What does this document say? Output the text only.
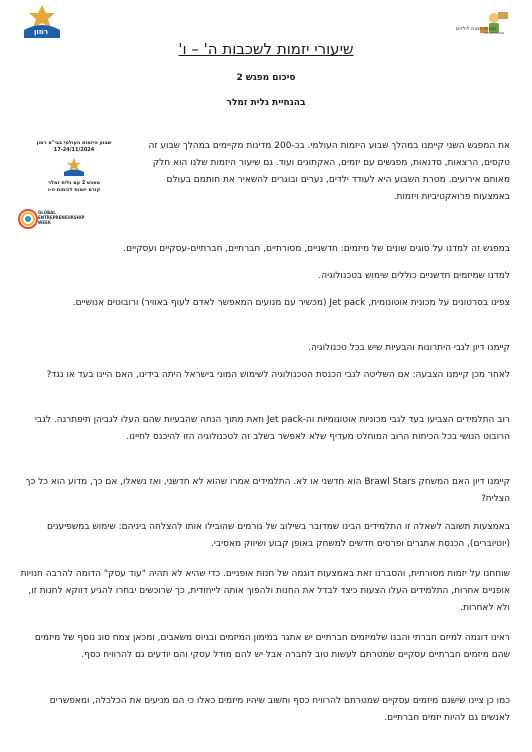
רמון	תכנית יזמות לילדים
שיעורי יזמות לשכבות ה' – ו'
סיכום מפגש 2
בהנחיית גלית זמלר
שבוע היזמות העולמי בבי"ס רמון
17-24/11/2024
מפגש 2 עם גלית זמלר
קורס יזמות לכיתות ה-ו
GLOBAL ENTREPRENEURSHIP WEEK
את המפגש השני קיימנו במהלך שבוע היזמות העולמי. בכ-200 מדינות מקיימים במהלך שבוע זה טקסים, הרצאות, סדנאות, מפגשים עם יזמים, האקתונים ועוד. גם שיעור היזמות שלנו הוא חלק מאותם אירועים. מטרת השבוע היא לעודד ילדים, נערים ובוגרים להשאיר את חותמם בעולם באמצעות פרואקטיביות ויזמות.
במפגש זה למדנו על סוגים שונים של מיזמים: חדשניים, מסורתיים, חברתיים, חברתיים-עסקיים ועסקיים.
למדנו שמיזמים חדשניים כוללים שימוש בטכנולוגיה.
צפינו בסרטונים על מכונית אוטונומית, Jet pack (מכשיר עם מנועים המאפשר לאדם לעוף באוויר) ורובוטים אנושיים.
קיימנו דיון לגבי היתרונות והבעיות שיש בכל טכנולוגיה.
לאחר מכן קיימנו הצבעה: אם השליטה לגבי הכנסת הטכנולוגיה לשימוש המוני בישראל היתה בידינו, האם היינו בעד או נגד?
רוב התלמידים הצביעו בעד לגבי מכוניות אוטונומיות וה-Jet pack וזאת מתוך הנחה שהבעיות שהם העלו לגביהן תיפתרנה. לגבי הרובוט הנושי בכל הכיתות הרוב המוחלט מעדיף שלא לאפשר בשלב זה לטכנולוגיה הזו להיכנס לחיינו.
קיימנו דיון האם המשחק Brawl Stars הוא חדשני או לא. התלמידים אמרו שהוא לא חדשני, ואז נשאלו, אם כך, מדוע הוא כל כך הצליח?
באמצעות תשובה לשאלה זו התלמידים הבינו שמדובר בשילוב של גורמים שהובילו אותו להצלחה ביניהם: שימוש במשפיענים (יוטיוברים), הכנסת אתגרים ופרסים חדשים למשחק באופן קבוע ושיווק מאסיבי.
שוחחנו על יזמות מסורתית, והסברנו זאת באמצעות דוגמה של חנות אופניים. כדי שהיא לא תהיה "עוד עסק" הדומה להרבה חנויות אופניים אחרות, התלמידים העלו הצעות כיצד לבדל את החנות ולהפוך אותה לייחודית, כך שרוכשים יבחרו להגיע דווקא לחנות זו, ולא לאחרות.
ראינו דוגמה למיזם חברתי והבנו שלמיזמים חברתיים יש אתגר במימון המיזמים ובגיוס משאבים, ומכאן צמח סוג נוסף של מיזמים שהם מיזמים חברתיים עסקיים שמטרתם לעשות טוב לחברה אבל יש להם מודל עסקי והם יודעים גם להרוויח כסף.
כמו כן ציינו שישנם מיזמים עסקיים שמטרתם להרוויח כסף וחשוב שיהיו מיזמים כאלו כי הם מניעים את הכלכלה, ומאפשרים לאנשים גם להיות יזמים חברתיים.
